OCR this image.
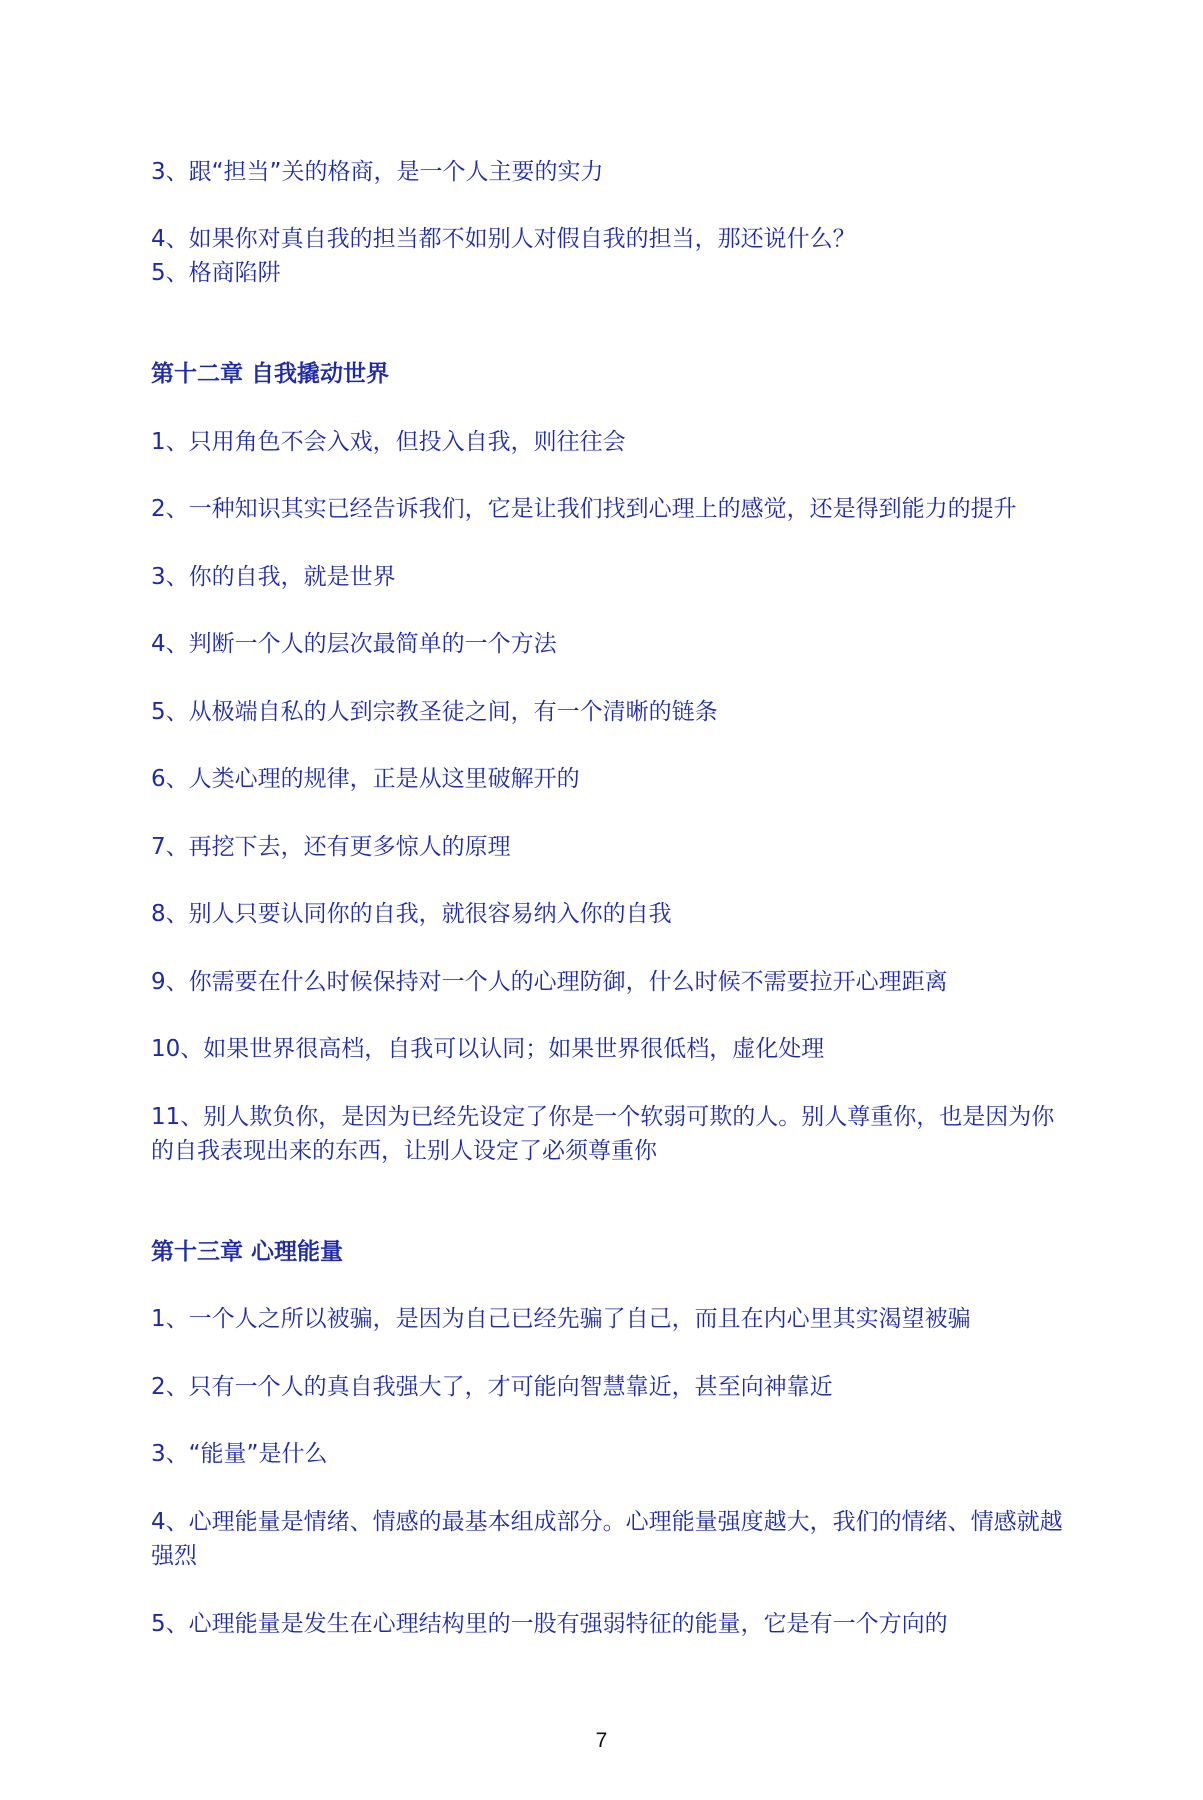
3、跟“担当”关的格商，是一个人主要的实力
4、如果你对真自我的担当都不如别人对假自我的担当，那还说什么？
5、格商陷阱
第十二章 自我撬动世界
1、只用角色不会入戏，但投入自我，则往往会
2、一种知识其实已经告诉我们，它是让我们找到心理上的感觉，还是得到能力的提升
3、你的自我，就是世界
4、判断一个人的层次最简单的一个方法
5、从极端自私的人到宗教圣徒之间，有一个清晰的链条
6、人类心理的规律，正是从这里破解开的
7、再挖下去，还有更多惊人的原理
8、别人只要认同你的自我，就很容易纳入你的自我
9、你需要在什么时候保持对一个人的心理防御，什么时候不需要拉开心理距离
10、如果世界很高档，自我可以认同；如果世界很低档，虚化处理
11、别人欺负你，是因为已经先设定了你是一个软弱可欺的人。别人尊重你，也是因为你的自我表现出来的东西，让别人设定了必须尊重你
第十三章 心理能量
1、一个人之所以被骗，是因为自己已经先骗了自己，而且在内心里其实渴望被骗
2、只有一个人的真自我强大了，才可能向智慧靠近，甚至向神靠近
3、“能量”是什么
4、心理能量是情绪、情感的最基本组成部分。心理能量强度越大，我们的情绪、情感就越强烈
5、心理能量是发生在心理结构里的一股有强弱特征的能量，它是有一个方向的
7
